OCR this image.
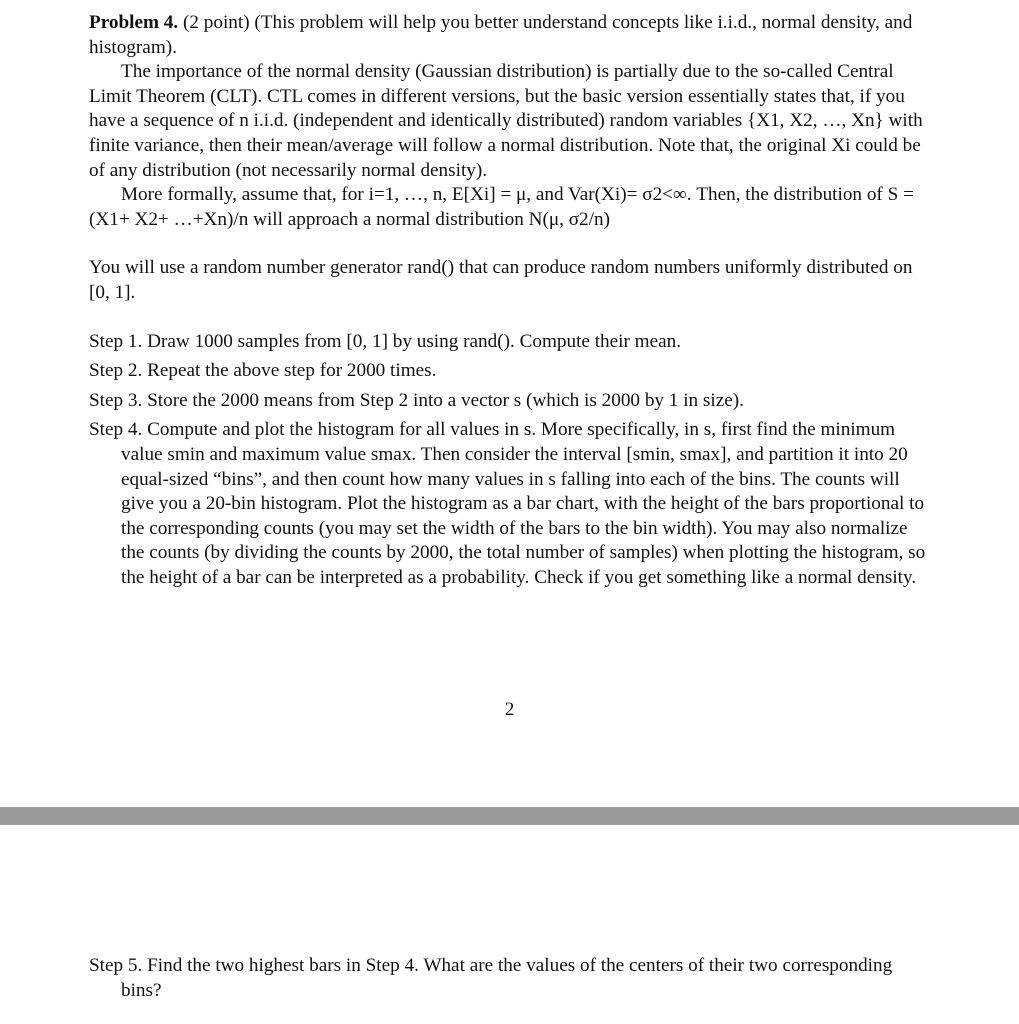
Problem 4. (2 point) (This problem will help you better understand concepts like i.i.d., normal density, and histogram).

The importance of the normal density (Gaussian distribution) is partially due to the so-called Central Limit Theorem (CLT). CTL comes in different versions, but the basic version essentially states that, if you have a sequence of n i.i.d. (independent and identically distributed) random variables {X1, X2, …, Xn} with finite variance, then their mean/average will follow a normal distribution. Note that, the original Xi could be of any distribution (not necessarily normal density).

More formally, assume that, for i=1, …, n, E[Xi] = μ, and Var(Xi)= σ2<∞. Then, the distribution of S = (X1+ X2+ …+Xn)/n will approach a normal distribution N(μ, σ2/n)

You will use a random number generator rand() that can produce random numbers uniformly distributed on [0, 1].

Step 1. Draw 1000 samples from [0, 1] by using rand(). Compute their mean.

Step 2. Repeat the above step for 2000 times.

Step 3. Store the 2000 means from Step 2 into a vector s (which is 2000 by 1 in size).

Step 4. Compute and plot the histogram for all values in s. More specifically, in s, first find the minimum value smin and maximum value smax. Then consider the interval [smin, smax], and partition it into 20 equal-sized “bins”, and then count how many values in s falling into each of the bins. The counts will give you a 20-bin histogram. Plot the histogram as a bar chart, with the height of the bars proportional to the corresponding counts (you may set the width of the bars to the bin width). You may also normalize the counts (by dividing the counts by 2000, the total number of samples) when plotting the histogram, so the height of a bar can be interpreted as a probability. Check if you get something like a normal density.

2

Step 5. Find the two highest bars in Step 4. What are the values of the centers of their two corresponding bins?
